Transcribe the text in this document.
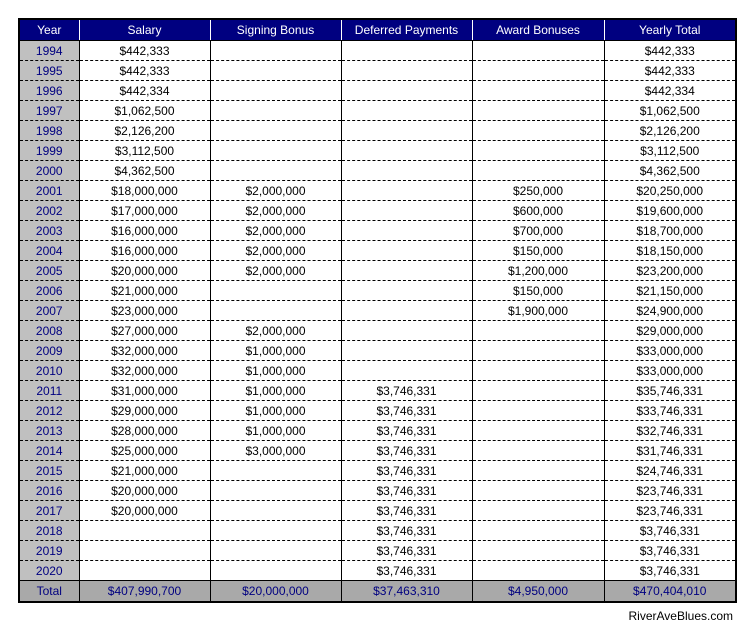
Year	Salary	Signing Bonus	Deferred Payments	Award Bonuses	Yearly Total
1994	$442,333				$442,333
1995	$442,333				$442,333
1996	$442,334				$442,334
1997	$1,062,500				$1,062,500
1998	$2,126,200				$2,126,200
1999	$3,112,500				$3,112,500
2000	$4,362,500				$4,362,500
2001	$18,000,000	$2,000,000		$250,000	$20,250,000
2002	$17,000,000	$2,000,000		$600,000	$19,600,000
2003	$16,000,000	$2,000,000		$700,000	$18,700,000
2004	$16,000,000	$2,000,000		$150,000	$18,150,000
2005	$20,000,000	$2,000,000		$1,200,000	$23,200,000
2006	$21,000,000			$150,000	$21,150,000
2007	$23,000,000			$1,900,000	$24,900,000
2008	$27,000,000	$2,000,000			$29,000,000
2009	$32,000,000	$1,000,000			$33,000,000
2010	$32,000,000	$1,000,000			$33,000,000
2011	$31,000,000	$1,000,000	$3,746,331		$35,746,331
2012	$29,000,000	$1,000,000	$3,746,331		$33,746,331
2013	$28,000,000	$1,000,000	$3,746,331		$32,746,331
2014	$25,000,000	$3,000,000	$3,746,331		$31,746,331
2015	$21,000,000		$3,746,331		$24,746,331
2016	$20,000,000		$3,746,331		$23,746,331
2017	$20,000,000		$3,746,331		$23,746,331
2018			$3,746,331		$3,746,331
2019			$3,746,331		$3,746,331
2020			$3,746,331		$3,746,331
Total	$407,990,700	$20,000,000	$37,463,310	$4,950,000	$470,404,010
RiverAveBlues.com
